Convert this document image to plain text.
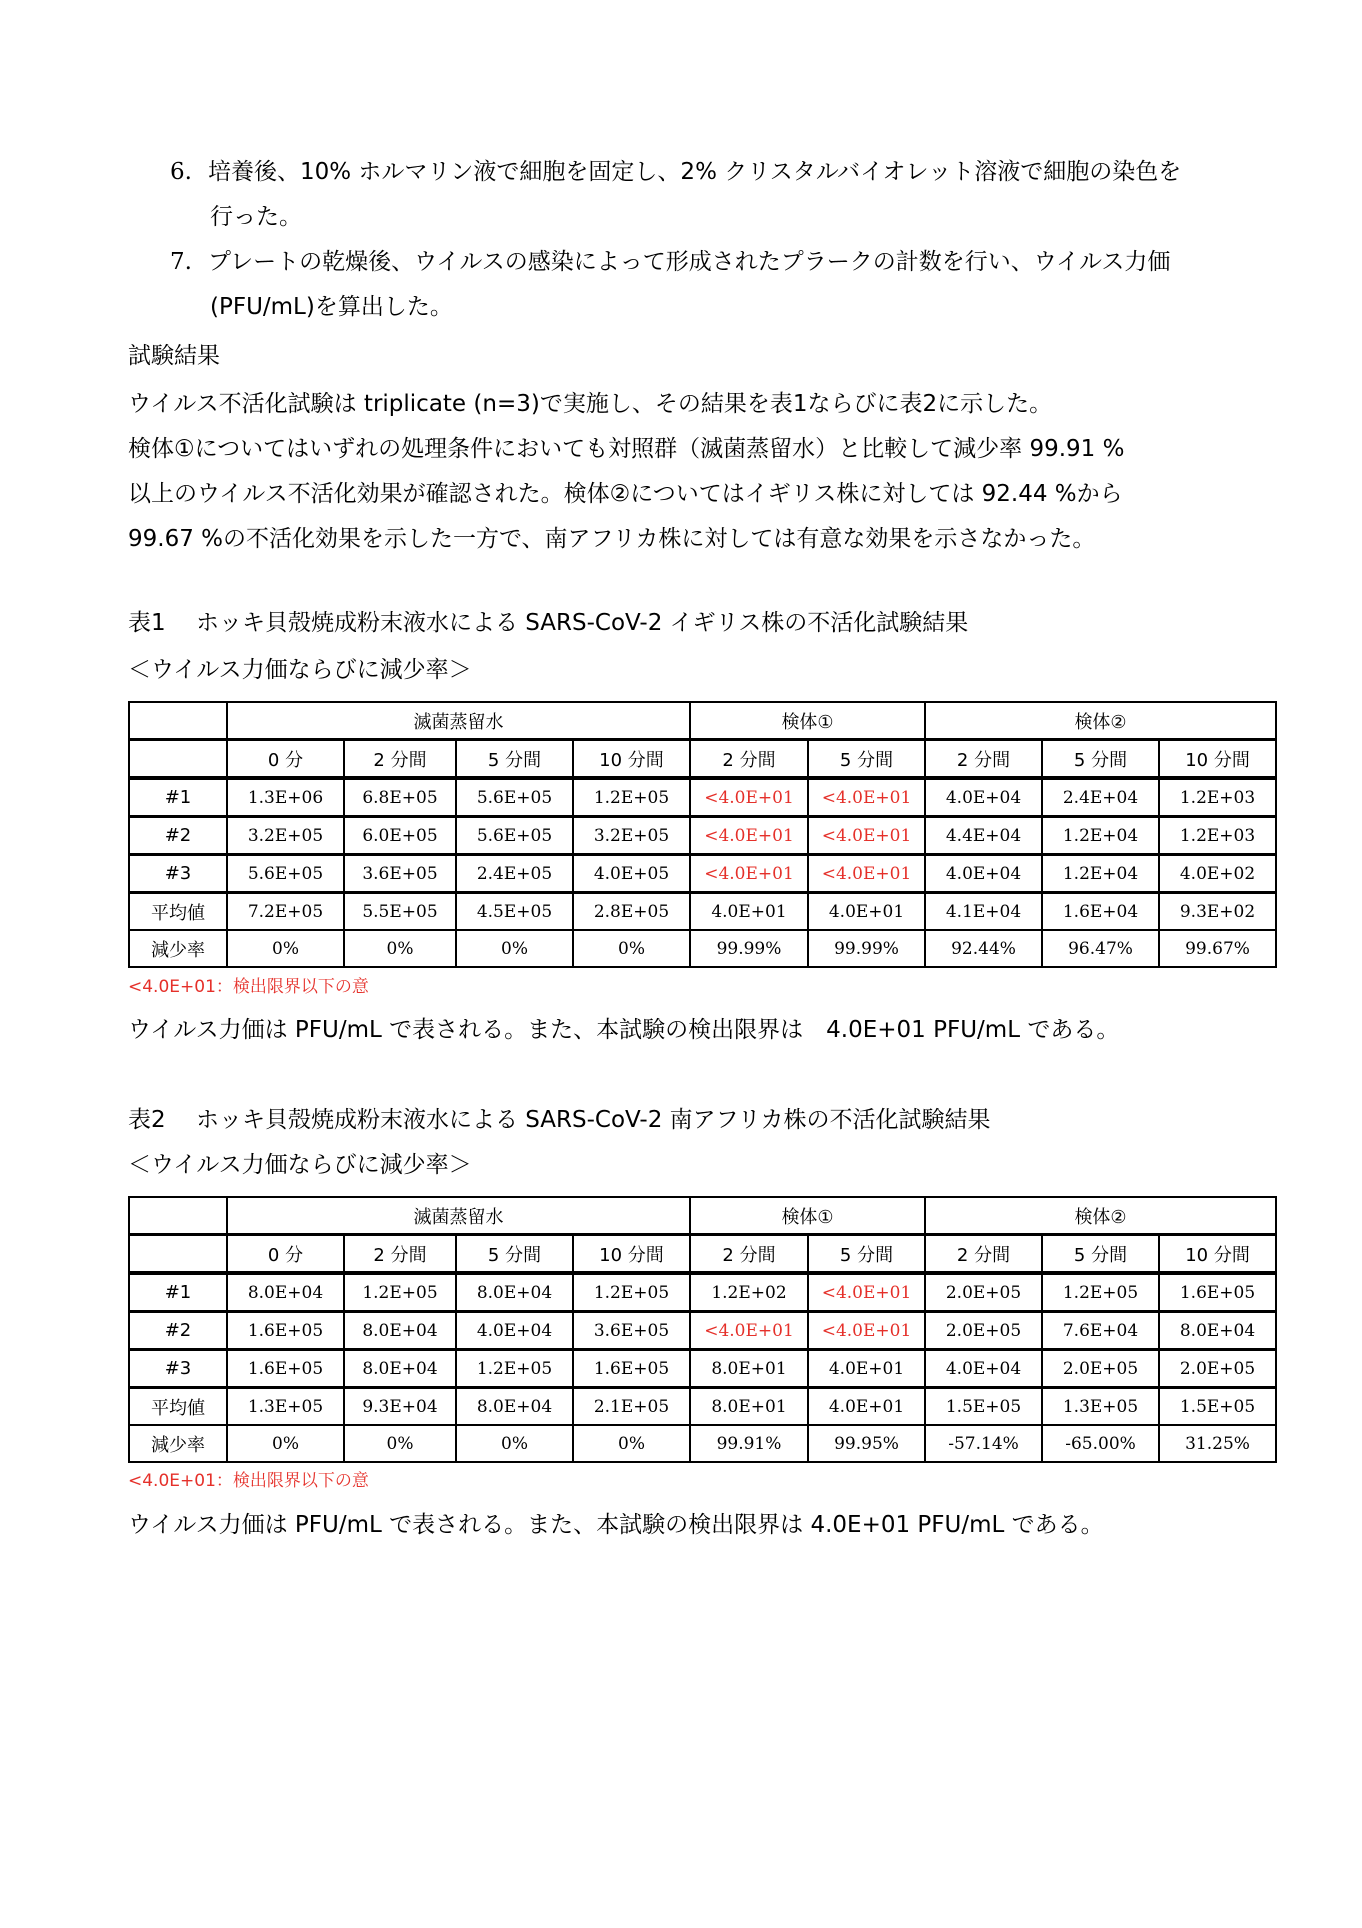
6. 培養後、10% ホルマリン液で細胞を固定し、2% クリスタルバイオレット溶液で細胞の染色を
行った。
7. プレートの乾燥後、ウイルスの感染によって形成されたプラークの計数を行い、ウイルス力価
(PFU/mL)を算出した。
試験結果
ウイルス不活化試験は triplicate (n=3)で実施し、その結果を表1ならびに表2に示した。
検体①についてはいずれの処理条件においても対照群（滅菌蒸留水）と比較して減少率 99.91 %
以上のウイルス不活化効果が確認された。検体②についてはイギリス株に対しては 92.44 %から
99.67 %の不活化効果を示した一方で、南アフリカ株に対しては有意な効果を示さなかった。
表1　 ホッキ貝殻焼成粉末液水による SARS-CoV-2 イギリス株の不活化試験結果
＜ウイルス力価ならびに減少率＞
	滅菌蒸留水				検体①		検体②		
	0 分	2 分間	5 分間	10 分間	2 分間	5 分間	2 分間	5 分間	10 分間
#1	1.3E+06	6.8E+05	5.6E+05	1.2E+05	<4.0E+01	<4.0E+01	4.0E+04	2.4E+04	1.2E+03
#2	3.2E+05	6.0E+05	5.6E+05	3.2E+05	<4.0E+01	<4.0E+01	4.4E+04	1.2E+04	1.2E+03
#3	5.6E+05	3.6E+05	2.4E+05	4.0E+05	<4.0E+01	<4.0E+01	4.0E+04	1.2E+04	4.0E+02
平均値	7.2E+05	5.5E+05	4.5E+05	2.8E+05	4.0E+01	4.0E+01	4.1E+04	1.6E+04	9.3E+02
減少率	0%	0%	0%	0%	99.99%	99.99%	92.44%	96.47%	99.67%
<4.0E+01：検出限界以下の意
ウイルス力価は PFU/mL で表される。また、本試験の検出限界は　4.0E+01 PFU/mL である。
表2　 ホッキ貝殻焼成粉末液水による SARS-CoV-2 南アフリカ株の不活化試験結果
＜ウイルス力価ならびに減少率＞
	滅菌蒸留水				検体①		検体②		
	0 分	2 分間	5 分間	10 分間	2 分間	5 分間	2 分間	5 分間	10 分間
#1	8.0E+04	1.2E+05	8.0E+04	1.2E+05	1.2E+02	<4.0E+01	2.0E+05	1.2E+05	1.6E+05
#2	1.6E+05	8.0E+04	4.0E+04	3.6E+05	<4.0E+01	<4.0E+01	2.0E+05	7.6E+04	8.0E+04
#3	1.6E+05	8.0E+04	1.2E+05	1.6E+05	8.0E+01	4.0E+01	4.0E+04	2.0E+05	2.0E+05
平均値	1.3E+05	9.3E+04	8.0E+04	2.1E+05	8.0E+01	4.0E+01	1.5E+05	1.3E+05	1.5E+05
減少率	0%	0%	0%	0%	99.91%	99.95%	-57.14%	-65.00%	31.25%
<4.0E+01：検出限界以下の意
ウイルス力価は PFU/mL で表される。また、本試験の検出限界は 4.0E+01 PFU/mL である。
